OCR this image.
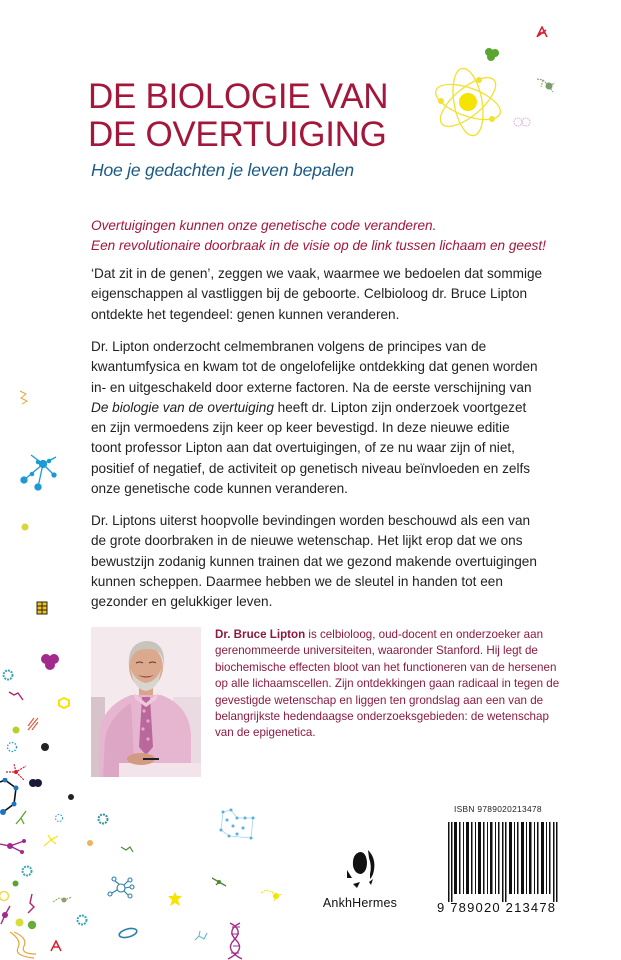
DE BIOLOGIE VAN
DE OVERTUIGING
Hoe je gedachten je leven bepalen
Overtuigingen kunnen onze genetische code veranderen.
Een revolutionaire doorbraak in de visie op de link tussen lichaam en geest!
‘Dat zit in de genen’, zeggen we vaak, waarmee we bedoelen dat sommige
eigenschappen al vastliggen bij de geboorte. Celbioloog dr. Bruce Lipton
ontdekte het tegendeel: genen kunnen veranderen.
Dr. Lipton onderzocht celmembranen volgens de principes van de
kwantumfysica en kwam tot de ongelofelijke ontdekking dat genen worden
in- en uitgeschakeld door externe factoren. Na de eerste verschijning van
De biologie van de overtuiging heeft dr. Lipton zijn onderzoek voortgezet
en zijn vermoedens zijn keer op keer bevestigd. In deze nieuwe editie
toont professor Lipton aan dat overtuigingen, of ze nu waar zijn of niet,
positief of negatief, de activiteit op genetisch niveau beïnvloeden en zelfs
onze genetische code kunnen veranderen.
Dr. Liptons uiterst hoopvolle bevindingen worden beschouwd als een van
de grote doorbraken in de nieuwe wetenschap. Het lijkt erop dat we ons
bewustzijn zodanig kunnen trainen dat we gezond makende overtuigingen
kunnen scheppen. Daarmee hebben we de sleutel in handen tot een
gezonder en gelukkiger leven.
Dr. Bruce Lipton is celbioloog, oud-docent en onderzoeker aan
gerenommeerde universiteiten, waaronder Stanford. Hij legt de
biochemische effecten bloot van het functioneren van de hersenen
op alle lichaamscellen. Zijn ontdekkingen gaan radicaal in tegen de
gevestigde wetenschap en liggen ten grondslag aan een van de
belangrijkste hedendaagse onderzoeksgebieden: de wetenschap
van de epigenetica.
AnkhHermes
ISBN 9789020213478
9 789020 213478
